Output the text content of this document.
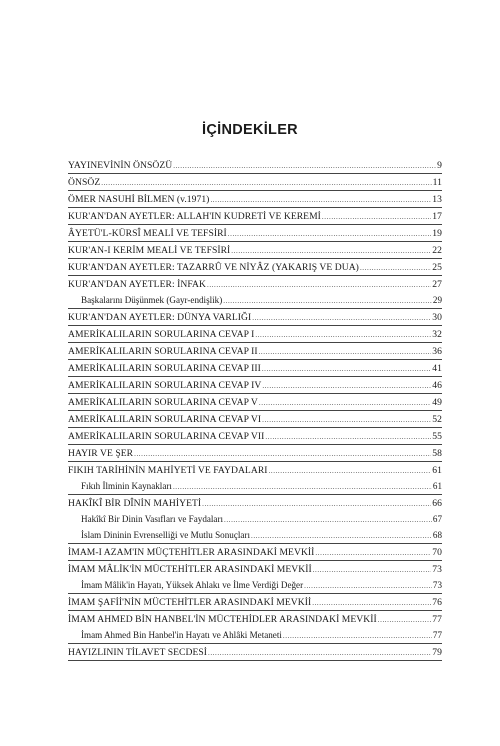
İÇİNDEKİLER
YAYINEVİNİN ÖNSÖZÜ .....	9
ÖNSÖZ .....	11
ÖMER NASUHİ BİLMEN (v.1971) .....	13
KUR'AN'DAN AYETLER: ALLAH'IN KUDRETİ VE KEREMİ .....	17
ÂYETÜ'L-KÜRSÎ MEALİ VE TEFSİRİ .....	19
KUR'AN-I KERİM MEALİ VE TEFSİRİ .....	22
KUR'AN'DAN AYETLER: TAZARRÛ VE NİYÂZ (YAKARIŞ VE DUA) .....	25
KUR'AN'DAN AYETLER: İNFAK .....	27
Başkalarını Düşünmek (Gayr-endişlik) .....	29
KUR'AN'DAN AYETLER: DÜNYA VARLIĞI .....	30
AMERİKALILARIN SORULARINA CEVAP I .....	32
AMERİKALILARIN SORULARINA CEVAP II .....	36
AMERİKALILARIN SORULARINA CEVAP III .....	41
AMERİKALILARIN SORULARINA CEVAP IV .....	46
AMERİKALILARIN SORULARINA CEVAP V .....	49
AMERİKALILARIN SORULARINA CEVAP VI .....	52
AMERİKALILARIN SORULARINA CEVAP VII .....	55
HAYIR VE ŞER .....	58
FIKIH TARİHİNİN MAHİYETİ VE FAYDALARI .....	61
Fıkıh İlminin Kaynakları .....	61
HAKÎKÎ BİR DÎNİN MAHİYETİ .....	66
Hakîkî Bir Dinin Vasıfları ve Faydaları .....	67
İslam Dininin Evrenselliği ve Mutlu Sonuçları .....	68
İMAM-I AZAM'IN MÜÇTEHİTLER ARASINDAKİ MEVKİİ .....	70
İMAM MÂLİK'İN MÜCTEHİTLER ARASINDAKİ MEVKİİ .....	73
İmam Mâlik'in Hayatı, Yüksek Ahlakı ve İlme Verdiği Değer .....	73
İMAM ŞAFİİ'NİN MÜCTEHİTLER ARASINDAKİ MEVKİİ .....	76
İMAM AHMED BİN HANBEL'İN MÜCTEHİDLER ARASINDAKİ MEVKİİ .....	77
İmam Ahmed Bin Hanbel'in Hayatı ve Ahlâki Metaneti .....	77
HAYIZLININ TİLAVET SECDESİ .....	79
